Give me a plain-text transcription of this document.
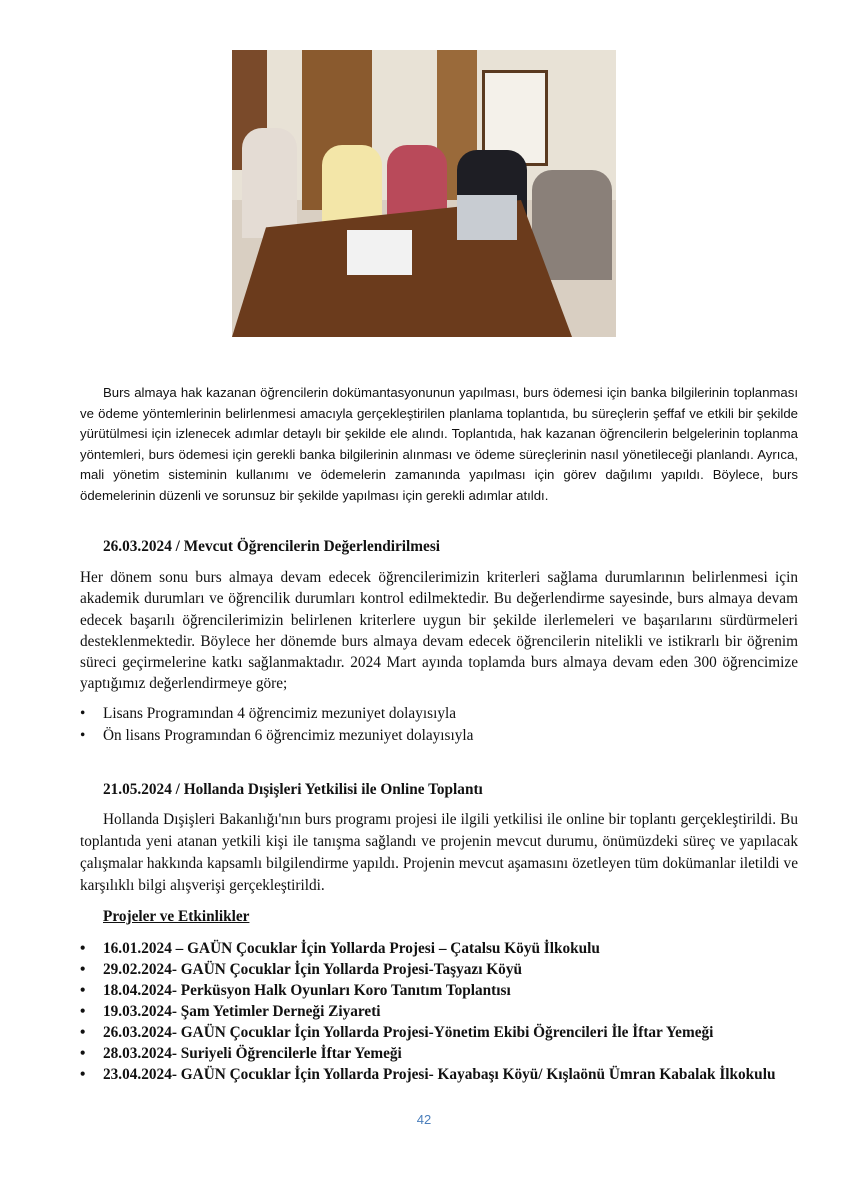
Burs almaya hak kazanan öğrencilerin dokümantasyonunun yapılması, burs ödemesi için banka bilgilerinin toplanması ve ödeme yöntemlerinin belirlenmesi amacıyla gerçekleştirilen planlama toplantıda, bu süreçlerin şeffaf ve etkili bir şekilde yürütülmesi için izlenecek adımlar detaylı bir şekilde ele alındı. Toplantıda, hak kazanan öğrencilerin belgelerinin toplanma yöntemleri, burs ödemesi için gerekli banka bilgilerinin alınması ve ödeme süreçlerinin nasıl yönetileceği planlandı. Ayrıca, mali yönetim sisteminin kullanımı ve ödemelerin zamanında yapılması için görev dağılımı yapıldı. Böylece, burs ödemelerinin düzenli ve sorunsuz bir şekilde yapılması için gerekli adımlar atıldı.
26.03.2024 / Mevcut Öğrencilerin Değerlendirilmesi
Her dönem sonu burs almaya devam edecek öğrencilerimizin kriterleri sağlama durumlarının belirlenmesi için akademik durumları ve öğrencilik durumları kontrol edilmektedir. Bu değerlendirme sayesinde, burs almaya devam edecek başarılı öğrencilerimizin belirlenen kriterlere uygun bir şekilde ilerlemeleri ve başarılarını sürdürmeleri desteklenmektedir. Böylece her dönemde burs almaya devam edecek öğrencilerin nitelikli ve istikrarlı bir öğrenim süreci geçirmelerine katkı sağlanmaktadır. 2024 Mart ayında toplamda burs almaya devam eden 300 öğrencimize yaptığımız değerlendirmeye göre;
• Lisans Programından 4 öğrencimiz mezuniyet dolayısıyla
• Ön lisans Programından 6 öğrencimiz mezuniyet dolayısıyla
21.05.2024 / Hollanda Dışişleri Yetkilisi ile Online Toplantı
Hollanda Dışişleri Bakanlığı'nın burs programı projesi ile ilgili yetkilisi ile online bir toplantı gerçekleştirildi. Bu toplantıda yeni atanan yetkili kişi ile tanışma sağlandı ve projenin mevcut durumu, önümüzdeki süreç ve yapılacak çalışmalar hakkında kapsamlı bilgilendirme yapıldı. Projenin mevcut aşamasını özetleyen tüm dokümanlar iletildi ve karşılıklı bilgi alışverişi gerçekleştirildi.
Projeler ve Etkinlikler
• 16.01.2024 – GAÜN Çocuklar İçin Yollarda Projesi – Çatalsu Köyü İlkokulu
• 29.02.2024- GAÜN Çocuklar İçin Yollarda Projesi-Taşyazı Köyü
• 18.04.2024- Perküsyon Halk Oyunları Koro Tanıtım Toplantısı
• 19.03.2024- Şam Yetimler Derneği Ziyareti
• 26.03.2024- GAÜN Çocuklar İçin Yollarda Projesi-Yönetim Ekibi Öğrencileri İle İftar Yemeği
• 28.03.2024- Suriyeli Öğrencilerle İftar Yemeği
• 23.04.2024- GAÜN Çocuklar İçin Yollarda Projesi- Kayabaşı Köyü/ Kışlaönü Ümran Kabalak İlkokulu
42
